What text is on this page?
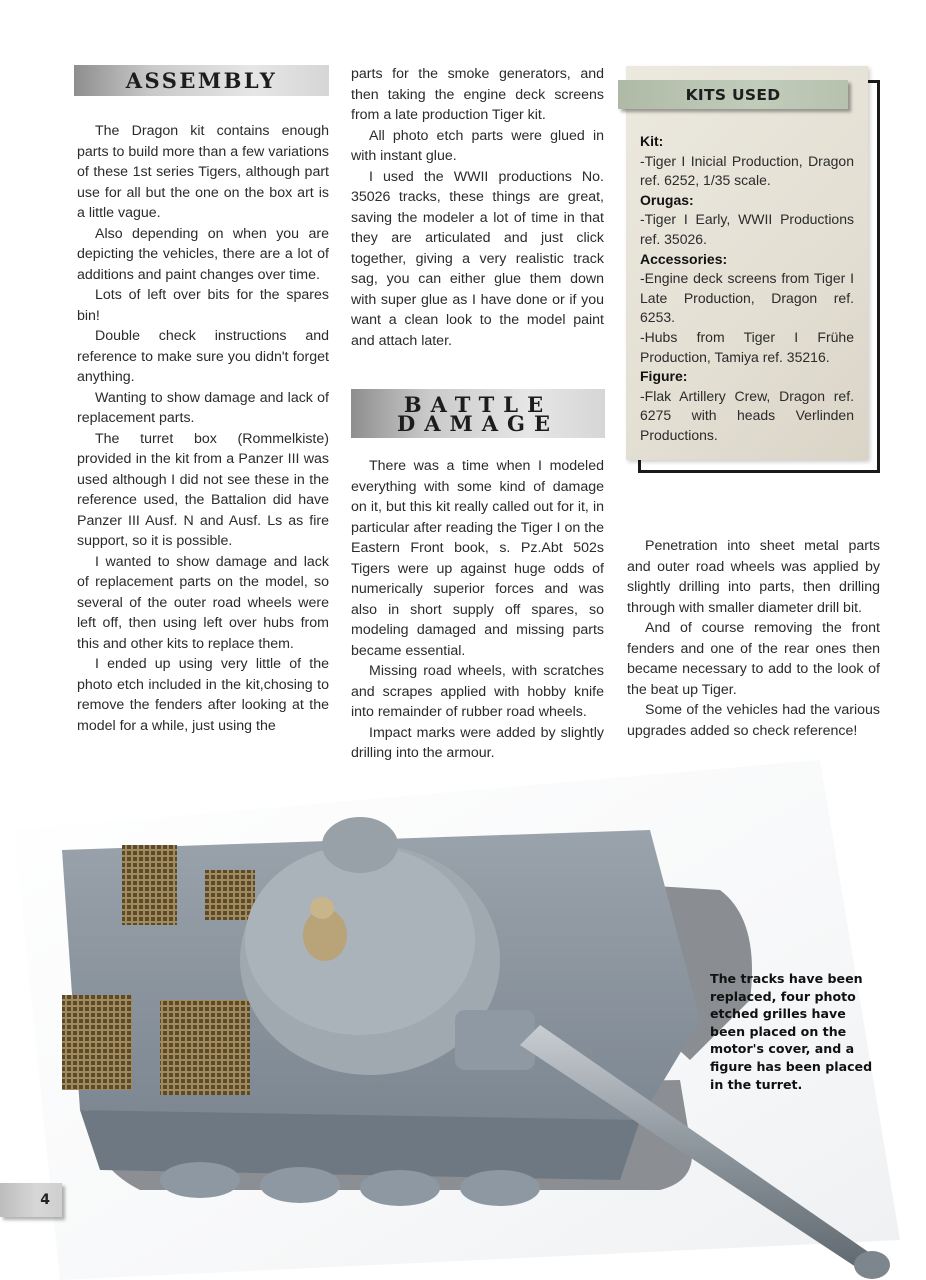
ASSEMBLY

The Dragon kit contains enough parts to build more than a few variations of these 1st series Tigers, although part use for all but the one on the box art is a little vague.

Also depending on when you are depicting the vehicles, there are a lot of additions and paint changes over time.

Lots of left over bits for the spares bin!

Double check instructions and reference to make sure you didn't forget anything.

Wanting to show damage and lack of replacement parts.

The turret box (Rommelkiste) provided in the kit from a Panzer III was used although I did not see these in the reference used, the Battalion did have Panzer III Ausf. N and Ausf. Ls as fire support, so it is possible.

I wanted to show damage and lack of replacement parts on the model, so several of the outer road wheels were left off, then using left over hubs from this and other kits to replace them.

I ended up using very little of the photo etch included in the kit,chosing to remove the fenders after looking at the model for a while, just using the

parts for the smoke generators, and then taking the engine deck screens from a late production Tiger kit.

All photo etch parts were glued in with instant glue.

I used the WWII productions No. 35026 tracks, these things are great, saving the modeler a lot of time in that they are articulated and just click together, giving a very realistic track sag, you can either glue them down with super glue as I have done or if you want a clean look to the model paint and attach later.

BATTLE
DAMAGE

There was a time when I modeled everything with some kind of damage on it, but this kit really called out for it, in particular after reading the Tiger I on the Eastern Front book, s. Pz.Abt 502s Tigers were up against huge odds of numerically superior forces and was also in short supply off spares, so modeling damaged and missing parts became essential.

Missing road wheels, with scratches and scrapes applied with hobby knife into remainder of rubber road wheels.

Impact marks were added by slightly drilling into the armour.

KITS USED
Kit:
-Tiger I Inicial Production, Dragon ref. 6252, 1/35 scale.
Orugas:
-Tiger I Early, WWII Productions ref. 35026.
Accessories:
-Engine deck screens from Tiger I Late Production, Dragon ref. 6253.
-Hubs from Tiger I Frühe Production, Tamiya ref. 35216.
Figure:
-Flak Artillery Crew, Dragon ref. 6275 with heads Verlinden Productions.

Penetration into sheet metal parts and outer road wheels was applied by slightly drilling into parts, then drilling through with smaller diameter drill bit.

And of course removing the front fenders and one of the rear ones then became necessary to add to the look of the beat up Tiger.

Some of the vehicles had the various upgrades added so check reference!

The tracks have been replaced, four photo etched grilles have been placed on the motor's cover, and a figure has been placed in the turret.
4
